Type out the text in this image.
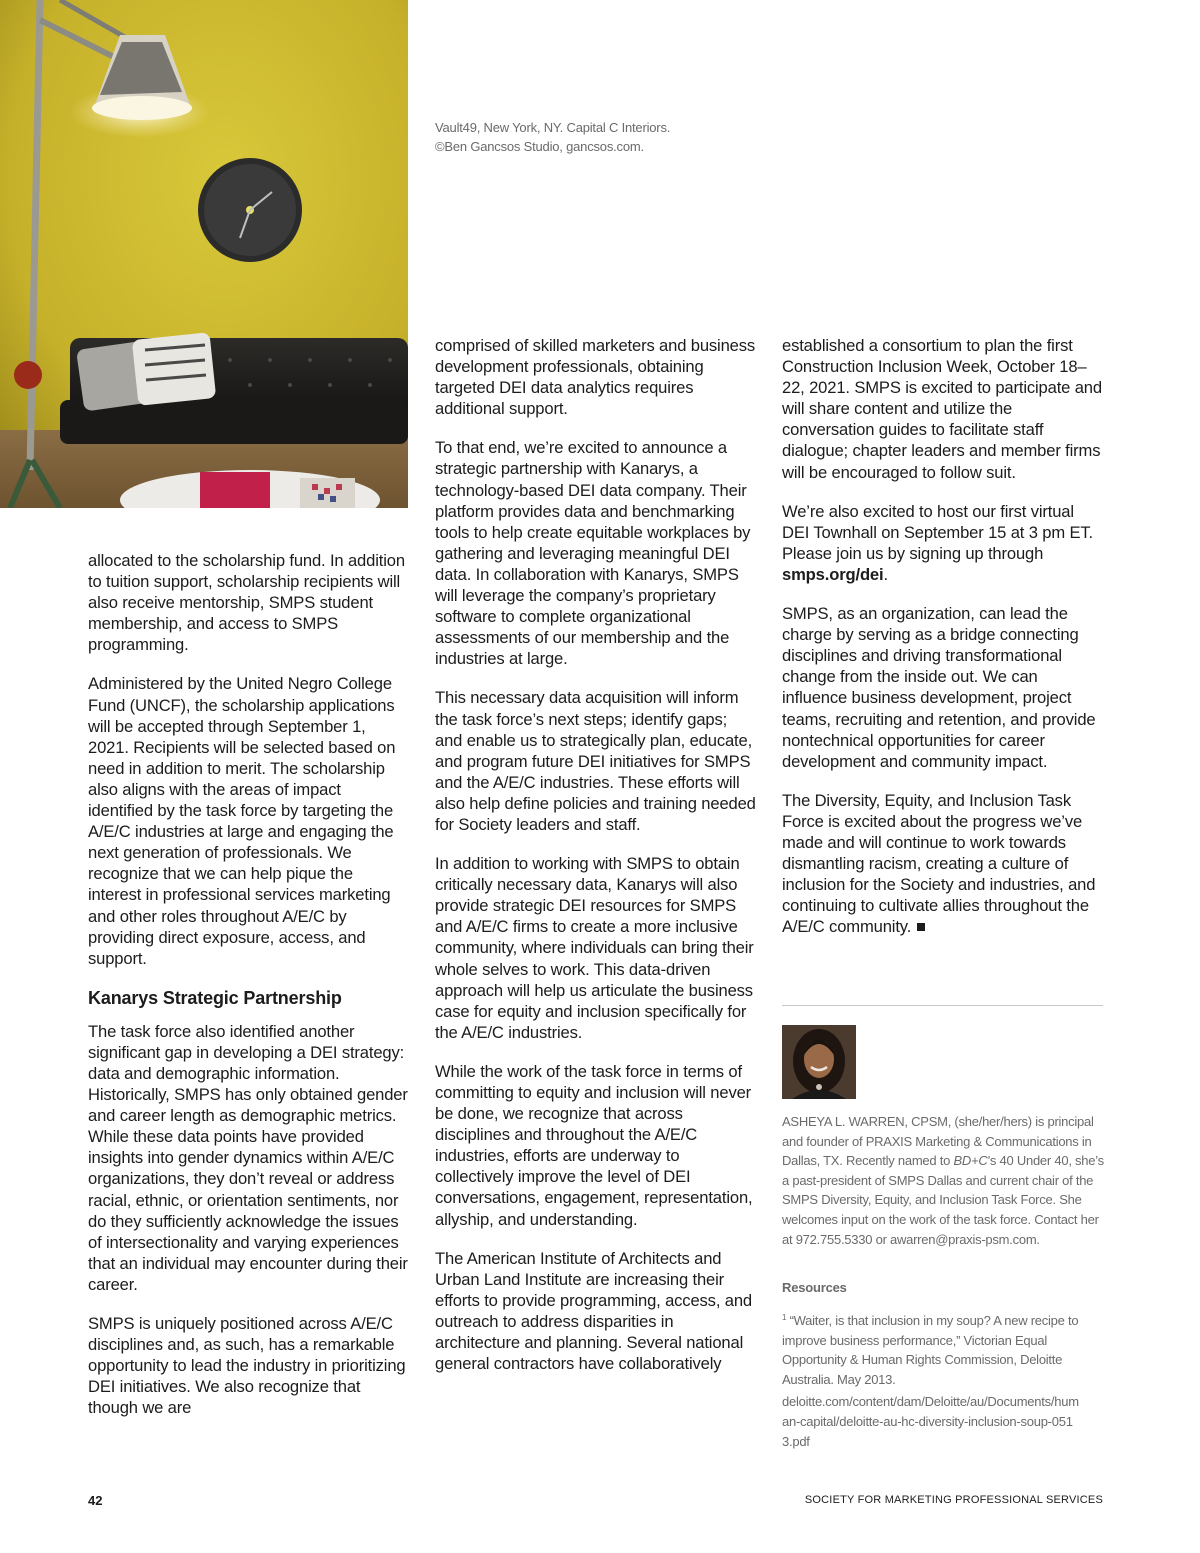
Vault49, New York, NY. Capital C Interiors.
©Ben Gancsos Studio, gancsos.com.

allocated to the scholarship fund. In addition to tuition support, scholarship recipients will also receive mentorship, SMPS student membership, and access to SMPS programming.

Administered by the United Negro College Fund (UNCF), the scholarship applications will be accepted through September 1, 2021. Recipients will be selected based on need in addition to merit. The scholarship also aligns with the areas of impact identified by the task force by targeting the A/E/C industries at large and engaging the next generation of professionals. We recognize that we can help pique the interest in professional services marketing and other roles throughout A/E/C by providing direct exposure, access, and support.

Kanarys Strategic Partnership

The task force also identified another significant gap in developing a DEI strategy: data and demographic information. Historically, SMPS has only obtained gender and career length as demographic metrics. While these data points have provided insights into gender dynamics within A/E/C organizations, they don’t reveal or address racial, ethnic, or orientation sentiments, nor do they sufficiently acknowledge the issues of intersectionality and varying experiences that an individual may encounter during their career.

SMPS is uniquely positioned across A/E/C disciplines and, as such, has a remarkable opportunity to lead the industry in prioritizing DEI initiatives. We also recognize that though we are

comprised of skilled marketers and business development professionals, obtaining targeted DEI data analytics requires additional support.

To that end, we’re excited to announce a strategic partnership with Kanarys, a technology-based DEI data company. Their platform provides data and benchmarking tools to help create equitable workplaces by gathering and leveraging meaningful DEI data. In collaboration with Kanarys, SMPS will leverage the company’s proprietary software to complete organizational assessments of our membership and the industries at large.

This necessary data acquisition will inform the task force’s next steps; identify gaps; and enable us to strategically plan, educate, and program future DEI initiatives for SMPS and the A/E/C industries. These efforts will also help define policies and training needed for Society leaders and staff.

In addition to working with SMPS to obtain critically necessary data, Kanarys will also provide strategic DEI resources for SMPS and A/E/C firms to create a more inclusive community, where individuals can bring their whole selves to work. This data-driven approach will help us articulate the business case for equity and inclusion specifically for the A/E/C industries.

While the work of the task force in terms of committing to equity and inclusion will never be done, we recognize that across disciplines and throughout the A/E/C industries, efforts are underway to collectively improve the level of DEI conversations, engagement, representation, allyship, and understanding.

The American Institute of Architects and Urban Land Institute are increasing their efforts to provide programming, access, and outreach to address disparities in architecture and planning. Several national general contractors have collaboratively

established a consortium to plan the first Construction Inclusion Week, October 18–22, 2021. SMPS is excited to participate and will share content and utilize the conversation guides to facilitate staff dialogue; chapter leaders and member firms will be encouraged to follow suit.

We’re also excited to host our first virtual DEI Townhall on September 15 at 3 pm ET. Please join us by signing up through smps.org/dei.

SMPS, as an organization, can lead the charge by serving as a bridge connecting disciplines and driving transformational change from the inside out. We can influence business development, project teams, recruiting and retention, and provide nontechnical opportunities for career development and community impact.

The Diversity, Equity, and Inclusion Task Force is excited about the progress we’ve made and will continue to work towards dismantling racism, creating a culture of inclusion for the Society and industries, and continuing to cultivate allies throughout the A/E/C community.

ASHEYA L. WARREN, CPSM, (she/her/hers) is principal and founder of PRAXIS Marketing & Communications in Dallas, TX. Recently named to BD+C’s 40 Under 40, she’s a past-president of SMPS Dallas and current chair of the SMPS Diversity, Equity, and Inclusion Task Force. She welcomes input on the work of the task force. Contact her at 972.755.5330 or awarren@praxis-psm.com.

Resources

$^1$ “Waiter, is that inclusion in my soup? A new recipe to improve business performance,” Victorian Equal Opportunity & Human Rights Commission, Deloitte Australia. May 2013.

deloitte.com/content/dam/Deloitte/au/Documents/human-capital/deloitte-au-hc-diversity-inclusion-soup-0513.pdf

42	SOCIETY FOR MARKETING PROFESSIONAL SERVICES
